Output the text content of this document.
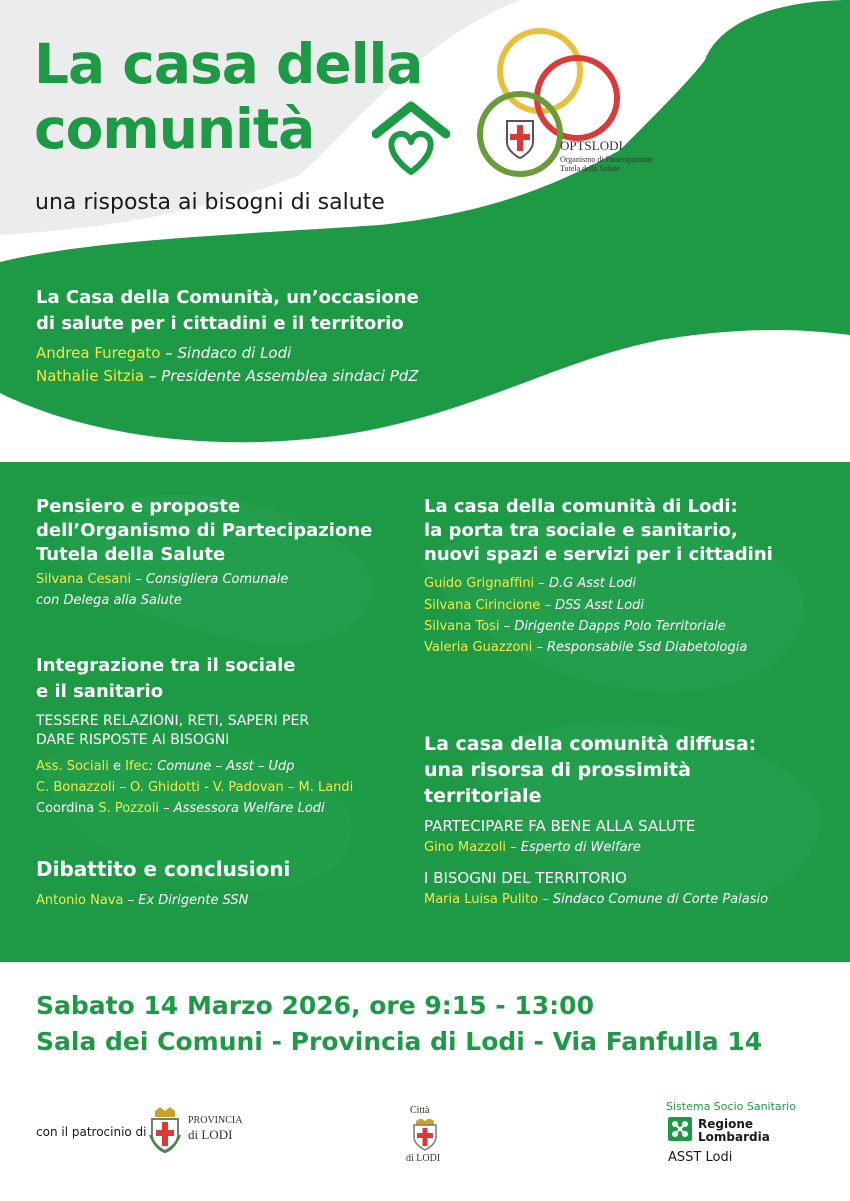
La casa della
comunità
una risposta ai bisogni di salute
OPTSLODI
Organismo di Partecipazione
Tutela della Salute
La Casa della Comunità, un’occasione
di salute per i cittadini e il territorio
Andrea Furegato – Sindaco di Lodi
Nathalie Sitzia – Presidente Assemblea sindaci PdZ
Pensiero e proposte
dell’Organismo di Partecipazione
Tutela della Salute
Silvana Cesani – Consigliera Comunale
con Delega alla Salute
Integrazione tra il sociale
e il sanitario
TESSERE RELAZIONI, RETI, SAPERI PER
DARE RISPOSTE AI BISOGNI
Ass. Sociali e Ifec: Comune – Asst – Udp
C. Bonazzoli – O. Ghidotti - V. Padovan – M. Landi
Coordina S. Pozzoli – Assessora Welfare Lodi
Dibattito e conclusioni
Antonio Nava – Ex Dirigente SSN
La casa della comunità di Lodi:
la porta tra sociale e sanitario,
nuovi spazi e servizi per i cittadini
Guido Grignaffini – D.G Asst Lodi
Silvana Cirincione – DSS Asst Lodi
Silvana Tosi – Dirigente Dapps Polo Territoriale
Valeria Guazzoni – Responsabile Ssd Diabetologia
La casa della comunità diffusa:
una risorsa di prossimità
territoriale
PARTECIPARE FA BENE ALLA SALUTE
Gino Mazzoli – Esperto di Welfare
I BISOGNI DEL TERRITORIO
Maria Luisa Pulito – Sindaco Comune di Corte Palasio
Sabato 14 Marzo 2026, ore 9:15 - 13:00
Sala dei Comuni - Provincia di Lodi - Via Fanfulla 14
con il patrocinio di
PROVINCIA
di LODI
Città
di LODI
Sistema Socio Sanitario
Regione
Lombardia
ASST Lodi
